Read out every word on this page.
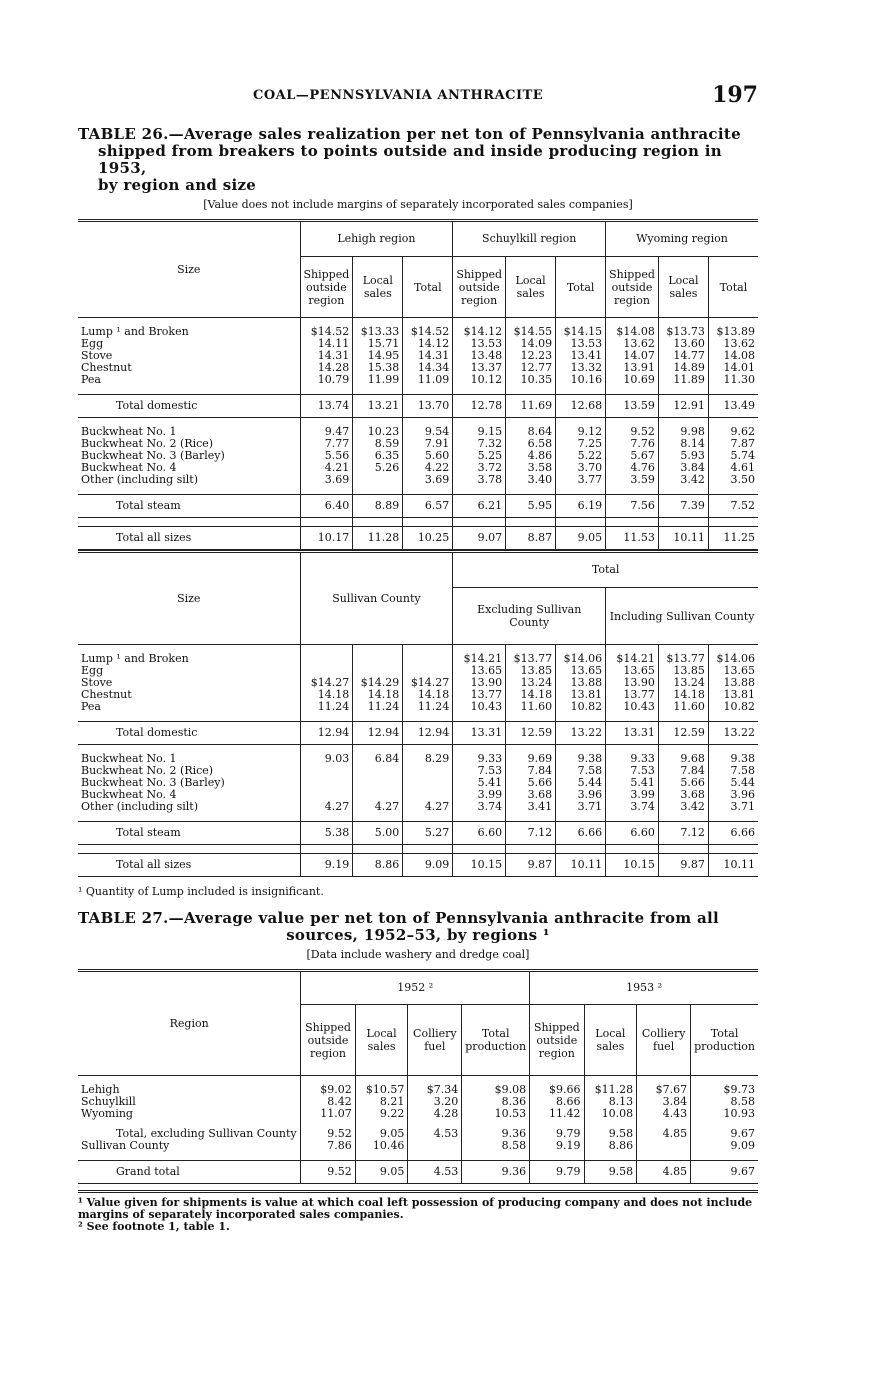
COAL—PENNSYLVANIA ANTHRACITE	197
TABLE 26.—Average sales realization per net ton of Pennsylvania anthracite
shipped from breakers to points outside and inside producing region in 1953,
by region and size
[Value does not include margins of separately incorporated sales companies]
Size	Lehigh region			Schuylkill region			Wyoming region		
	Shipped outside region	Local sales	Total	Shipped outside region	Local sales	Total	Shipped outside region	Local sales	Total

Lump ¹ and Broken	$14.52	$13.33	$14.52	$14.12	$14.55	$14.15	$14.08	$13.73	$13.89
Egg	14.11	15.71	14.12	13.53	14.09	13.53	13.62	13.60	13.62
Stove	14.31	14.95	14.31	13.48	12.23	13.41	14.07	14.77	14.08
Chestnut	14.28	15.38	14.34	13.37	12.77	13.32	13.91	14.89	14.01
Pea	10.79	11.99	11.09	10.12	10.35	10.16	10.69	11.89	11.30

Total domestic	13.74	13.21	13.70	12.78	11.69	12.68	13.59	12.91	13.49

Buckwheat No. 1	9.47	10.23	9.54	9.15	8.64	9.12	9.52	9.98	9.62
Buckwheat No. 2 (Rice)	7.77	8.59	7.91	7.32	6.58	7.25	7.76	8.14	7.87
Buckwheat No. 3 (Barley)	5.56	6.35	5.60	5.25	4.86	5.22	5.67	5.93	5.74
Buckwheat No. 4	4.21	5.26	4.22	3.72	3.58	3.70	4.76	3.84	4.61
Other (including silt)	3.69		3.69	3.78	3.40	3.77	3.59	3.42	3.50

Total steam	6.40	8.89	6.57	6.21	5.95	6.19	7.56	7.39	7.52

Total all sizes	10.17	11.28	10.25	9.07	8.87	9.05	11.53	10.11	11.25

Size	Sullivan County			Total					
				Excluding Sullivan County			Including Sullivan County		

Lump ¹ and Broken				$14.21	$13.77	$14.06	$14.21	$13.77	$14.06
Egg				13.65	13.85	13.65	13.65	13.85	13.65
Stove	$14.27	$14.29	$14.27	13.90	13.24	13.88	13.90	13.24	13.88
Chestnut	14.18	14.18	14.18	13.77	14.18	13.81	13.77	14.18	13.81
Pea	11.24	11.24	11.24	10.43	11.60	10.82	10.43	11.60	10.82

Total domestic	12.94	12.94	12.94	13.31	12.59	13.22	13.31	12.59	13.22

Buckwheat No. 1	9.03	6.84	8.29	9.33	9.69	9.38	9.33	9.68	9.38
Buckwheat No. 2 (Rice)				7.53	7.84	7.58	7.53	7.84	7.58
Buckwheat No. 3 (Barley)				5.41	5.66	5.44	5.41	5.66	5.44
Buckwheat No. 4				3.99	3.68	3.96	3.99	3.68	3.96
Other (including silt)	4.27	4.27	4.27	3.74	3.41	3.71	3.74	3.42	3.71

Total steam	5.38	5.00	5.27	6.60	7.12	6.66	6.60	7.12	6.66

Total all sizes	9.19	8.86	9.09	10.15	9.87	10.11	10.15	9.87	10.11
¹ Quantity of Lump included is insignificant.
TABLE 27.—Average value per net ton of Pennsylvania anthracite from all
sources, 1952–53, by regions ¹
[Data include washery and dredge coal]
Region	1952 ²				1953 ²			
	Shipped outside region	Local sales	Colliery fuel	Total production	Shipped outside region	Local sales	Colliery fuel	Total production

Lehigh	$9.02	$10.57	$7.34	$9.08	$9.66	$11.28	$7.67	$9.73
Schuylkill	8.42	8.21	3.20	8.36	8.66	8.13	3.84	8.58
Wyoming	11.07	9.22	4.28	10.53	11.42	10.08	4.43	10.93

Total, excluding Sullivan County	9.52	9.05	4.53	9.36	9.79	9.58	4.85	9.67
Sullivan County	7.86	10.46		8.58	9.19	8.86		9.09

Grand total	9.52	9.05	4.53	9.36	9.79	9.58	4.85	9.67
¹ Value given for shipments is value at which coal left possession of producing company and does not include margins of separately incorporated sales companies.
² See footnote 1, table 1.
